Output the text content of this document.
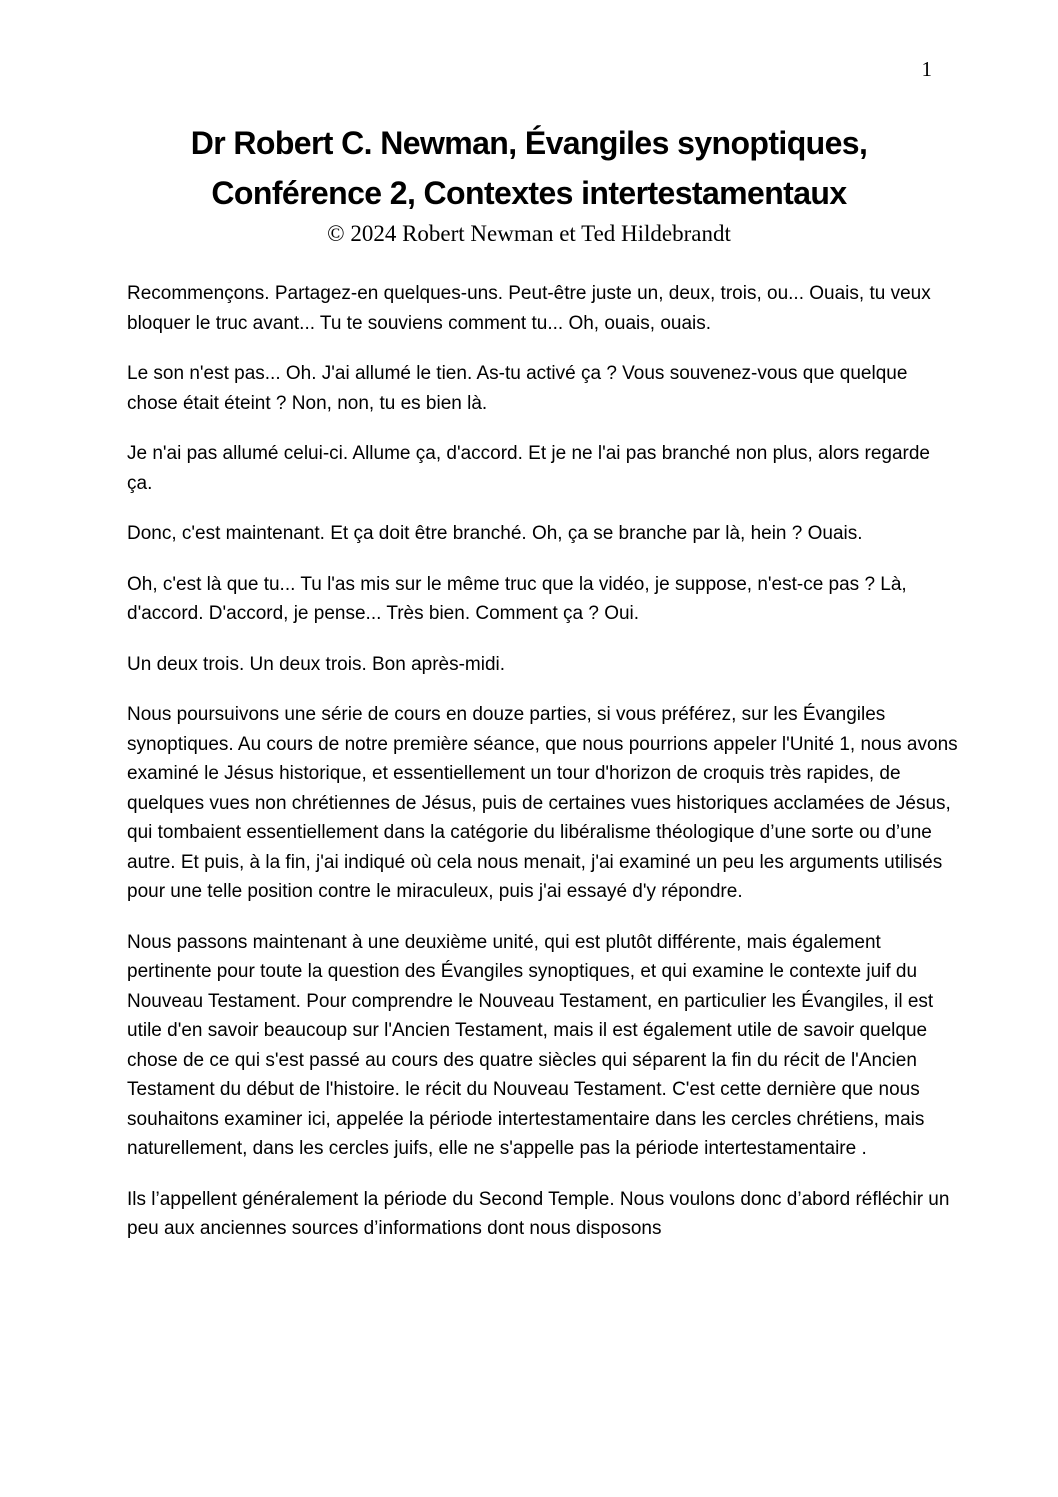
1
Dr Robert C. Newman, Évangiles synoptiques,
Conférence 2, Contextes intertestamentaux
© 2024 Robert Newman et Ted Hildebrandt

Recommençons. Partagez-en quelques-uns. Peut-être juste un, deux, trois, ou... Ouais, tu veux bloquer le truc avant... Tu te souviens comment tu... Oh, ouais, ouais.

Le son n'est pas... Oh. J'ai allumé le tien. As-tu activé ça ? Vous souvenez-vous que quelque chose était éteint ? Non, non, tu es bien là.

Je n'ai pas allumé celui-ci. Allume ça, d'accord. Et je ne l'ai pas branché non plus, alors regarde ça.

Donc, c'est maintenant. Et ça doit être branché. Oh, ça se branche par là, hein ? Ouais.

Oh, c'est là que tu... Tu l'as mis sur le même truc que la vidéo, je suppose, n'est-ce pas ? Là, d'accord. D'accord, je pense... Très bien. Comment ça ? Oui.

Un deux trois. Un deux trois. Bon après-midi.

Nous poursuivons une série de cours en douze parties, si vous préférez, sur les Évangiles synoptiques. Au cours de notre première séance, que nous pourrions appeler l'Unité 1, nous avons examiné le Jésus historique, et essentiellement un tour d'horizon de croquis très rapides, de quelques vues non chrétiennes de Jésus, puis de certaines vues historiques acclamées de Jésus, qui tombaient essentiellement dans la catégorie du libéralisme théologique d’une sorte ou d’une autre. Et puis, à la fin, j'ai indiqué où cela nous menait, j'ai examiné un peu les arguments utilisés pour une telle position contre le miraculeux, puis j'ai essayé d'y répondre.

Nous passons maintenant à une deuxième unité, qui est plutôt différente, mais également pertinente pour toute la question des Évangiles synoptiques, et qui examine le contexte juif du Nouveau Testament. Pour comprendre le Nouveau Testament, en particulier les Évangiles, il est utile d'en savoir beaucoup sur l'Ancien Testament, mais il est également utile de savoir quelque chose de ce qui s'est passé au cours des quatre siècles qui séparent la fin du récit de l'Ancien Testament du début de l'histoire. le récit du Nouveau Testament. C'est cette dernière que nous souhaitons examiner ici, appelée la période intertestamentaire dans les cercles chrétiens, mais naturellement, dans les cercles juifs, elle ne s'appelle pas la période intertestamentaire .

Ils l’appellent généralement la période du Second Temple. Nous voulons donc d’abord réfléchir un peu aux anciennes sources d’informations dont nous disposons
